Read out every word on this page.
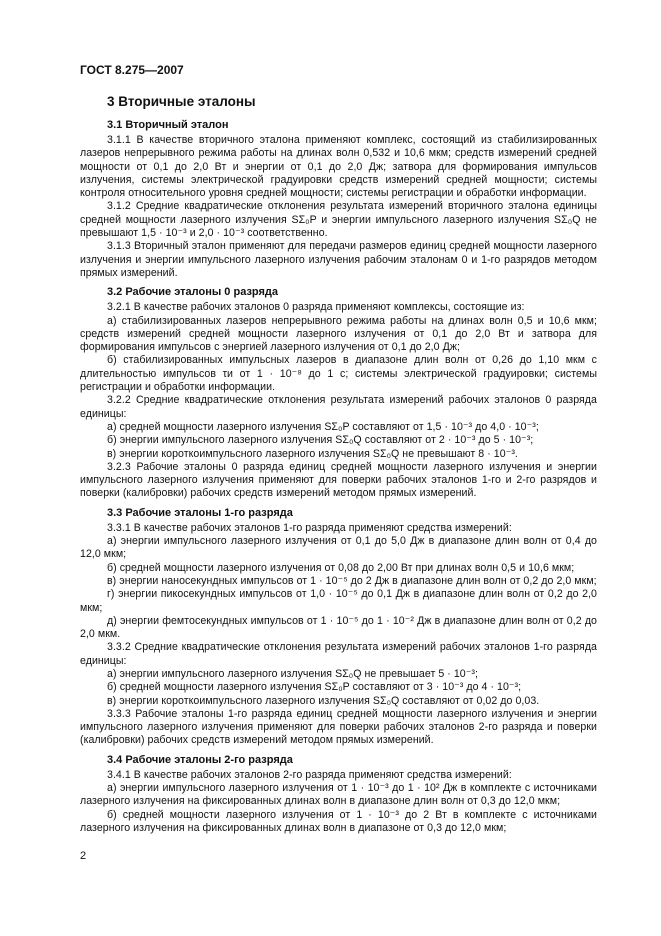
ГОСТ 8.275—2007
3 Вторичные эталоны
3.1 Вторичный эталон
3.1.1 В качестве вторичного эталона применяют комплекс, состоящий из стабилизированных лазеров непрерывного режима работы на длинах волн 0,532 и 10,6 мкм; средств измерений средней мощности от 0,1 до 2,0 Вт и энергии от 0,1 до 2,0 Дж; затвора для формирования импульсов излучения, системы электрической градуировки средств измерений средней мощности; системы контроля относительного уровня средней мощности; системы регистрации и обработки информации.
3.1.2 Средние квадратические отклонения результата измерений вторичного эталона единицы средней мощности лазерного излучения SΣ₀P и энергии импульсного лазерного излучения SΣ₀Q не превышают 1,5 · 10⁻³ и 2,0 · 10⁻³ соответственно.
3.1.3 Вторичный эталон применяют для передачи размеров единиц средней мощности лазерного излучения и энергии импульсного лазерного излучения рабочим эталонам 0 и 1-го разрядов методом прямых измерений.
3.2 Рабочие эталоны 0 разряда
3.2.1 В качестве рабочих эталонов 0 разряда применяют комплексы, состоящие из:
а) стабилизированных лазеров непрерывного режима работы на длинах волн 0,5 и 10,6 мкм; средств измерений средней мощности лазерного излучения от 0,1 до 2,0 Вт и затвора для формирования импульсов с энергией лазерного излучения от 0,1 до 2,0 Дж;
б) стабилизированных импульсных лазеров в диапазоне длин волн от 0,26 до 1,10 мкм с длительностью импульсов τи от 1 · 10⁻⁸ до 1 с; системы электрической градуировки; системы регистрации и обработки информации.
3.2.2 Средние квадратические отклонения результата измерений рабочих эталонов 0 разряда единицы:
а) средней мощности лазерного излучения SΣ₀P составляют от 1,5 · 10⁻³ до 4,0 · 10⁻³;
б) энергии импульсного лазерного излучения SΣ₀Q составляют от 2 · 10⁻³ до 5 · 10⁻³;
в) энергии короткоимпульсного лазерного излучения SΣ₀Q не превышают 8 · 10⁻³.
3.2.3 Рабочие эталоны 0 разряда единиц средней мощности лазерного излучения и энергии импульсного лазерного излучения применяют для поверки рабочих эталонов 1-го и 2-го разрядов и поверки (калибровки) рабочих средств измерений методом прямых измерений.
3.3 Рабочие эталоны 1-го разряда
3.3.1 В качестве рабочих эталонов 1-го разряда применяют средства измерений:
а) энергии импульсного лазерного излучения от 0,1 до 5,0 Дж в диапазоне длин волн от 0,4 до 12,0 мкм;
б) средней мощности лазерного излучения от 0,08 до 2,00 Вт при длинах волн 0,5 и 10,6 мкм;
в) энергии наносекундных импульсов от 1 · 10⁻⁵ до 2 Дж в диапазоне длин волн от 0,2 до 2,0 мкм;
г) энергии пикосекундных импульсов от 1,0 · 10⁻⁵ до 0,1 Дж в диапазоне длин волн от 0,2 до 2,0 мкм;
д) энергии фемтосекундных импульсов от 1 · 10⁻⁵ до 1 · 10⁻² Дж в диапазоне длин волн от 0,2 до 2,0 мкм.
3.3.2 Средние квадратические отклонения результата измерений рабочих эталонов 1-го разряда единицы:
а) энергии импульсного лазерного излучения SΣ₀Q не превышает 5 · 10⁻³;
б) средней мощности лазерного излучения SΣ₀P составляют от 3 · 10⁻³ до 4 · 10⁻³;
в) энергии короткоимпульсного лазерного излучения SΣ₀Q составляют от 0,02 до 0,03.
3.3.3 Рабочие эталоны 1-го разряда единиц средней мощности лазерного излучения и энергии импульсного лазерного излучения применяют для поверки рабочих эталонов 2-го разряда и поверки (калибровки) рабочих средств измерений методом прямых измерений.
3.4 Рабочие эталоны 2-го разряда
3.4.1 В качестве рабочих эталонов 2-го разряда применяют средства измерений:
а) энергии импульсного лазерного излучения от 1 · 10⁻³ до 1 · 10² Дж в комплекте с источниками лазерного излучения на фиксированных длинах волн в диапазоне длин волн от 0,3 до 12,0 мкм;
б) средней мощности лазерного излучения от 1 · 10⁻³ до 2 Вт в комплекте с источниками лазерного излучения на фиксированных длинах волн в диапазоне от 0,3 до 12,0 мкм;
2
